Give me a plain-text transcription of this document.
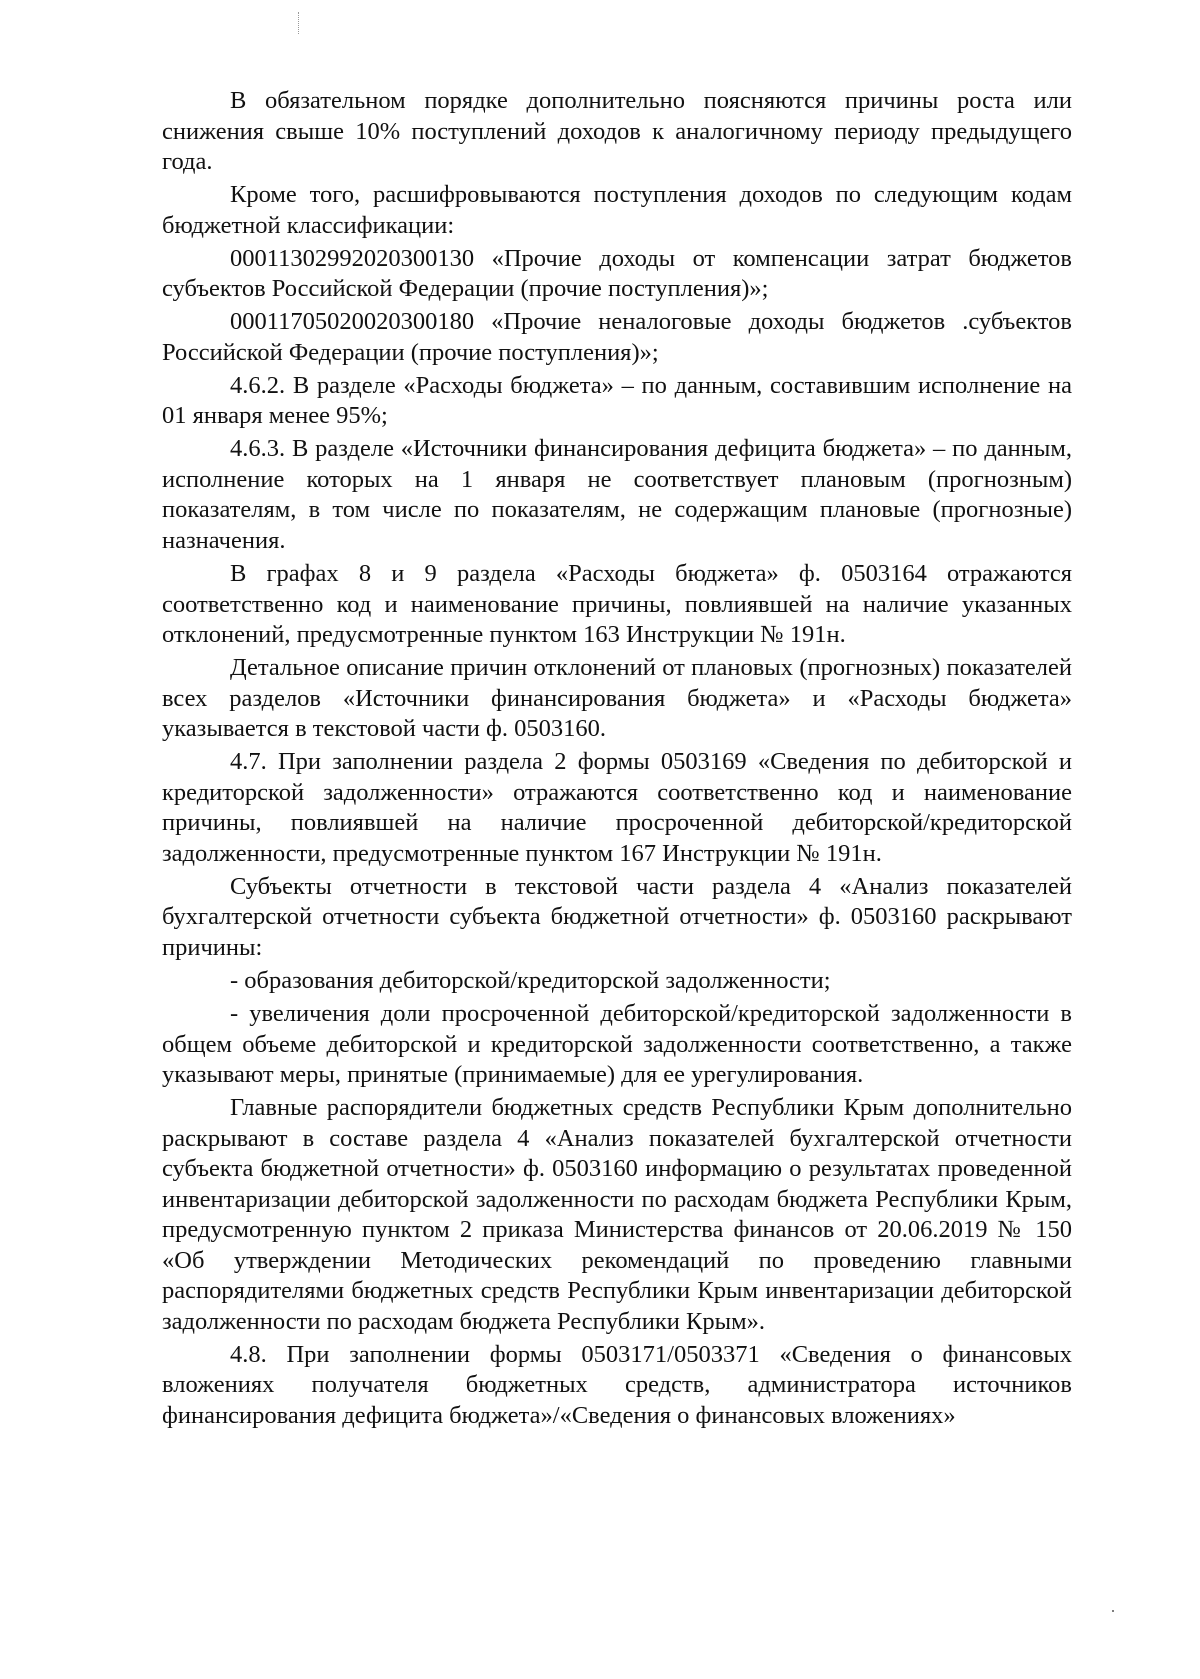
В обязательном порядке дополнительно поясняются причины роста или снижения свыше 10% поступлений доходов к аналогичному периоду предыдущего года.

Кроме того, расшифровываются поступления доходов по следующим кодам бюджетной классификации:

00011302992020300130 «Прочие доходы от компенсации затрат бюджетов субъектов Российской Федерации (прочие поступления)»;

00011705020020300180 «Прочие неналоговые доходы бюджетов .субъектов Российской Федерации (прочие поступления)»;

4.6.2. В разделе «Расходы бюджета» – по данным, составившим исполнение на 01 января менее 95%;

4.6.3. В разделе «Источники финансирования дефицита бюджета» – по данным, исполнение которых на 1 января не соответствует плановым (прогнозным) показателям, в том числе по показателям, не содержащим плановые (прогнозные) назначения.

В графах 8 и 9 раздела «Расходы бюджета» ф. 0503164 отражаются соответственно код и наименование причины, повлиявшей на наличие указанных отклонений, предусмотренные пунктом 163 Инструкции № 191н.

Детальное описание причин отклонений от плановых (прогнозных) показателей всех разделов «Источники финансирования бюджета» и «Расходы бюджета» указывается в текстовой части ф. 0503160.

4.7. При заполнении раздела 2 формы 0503169 «Сведения по дебиторской и кредиторской задолженности» отражаются соответственно код и наименование причины, повлиявшей на наличие просроченной дебиторской/кредиторской задолженности, предусмотренные пунктом 167 Инструкции № 191н.

Субъекты отчетности в текстовой части раздела 4 «Анализ показателей бухгалтерской отчетности субъекта бюджетной отчетности» ф. 0503160 раскрывают причины:

- образования дебиторской/кредиторской задолженности;

- увеличения доли просроченной дебиторской/кредиторской задолженности в общем объеме дебиторской и кредиторской задолженности соответственно, а также указывают меры, принятые (принимаемые) для ее урегулирования.

Главные распорядители бюджетных средств Республики Крым дополнительно раскрывают в составе раздела 4 «Анализ показателей бухгалтерской отчетности субъекта бюджетной отчетности» ф. 0503160 информацию о результатах проведенной инвентаризации дебиторской задолженности по расходам бюджета Республики Крым, предусмотренную пунктом 2 приказа Министерства финансов от 20.06.2019 № 150 «Об утверждении Методических рекомендаций по проведению главными распорядителями бюджетных средств Республики Крым инвентаризации дебиторской задолженности по расходам бюджета Республики Крым».

4.8. При заполнении формы 0503171/0503371 «Сведения о финансовых вложениях получателя бюджетных средств, администратора источников финансирования дефицита бюджета»/«Сведения о финансовых вложениях»
